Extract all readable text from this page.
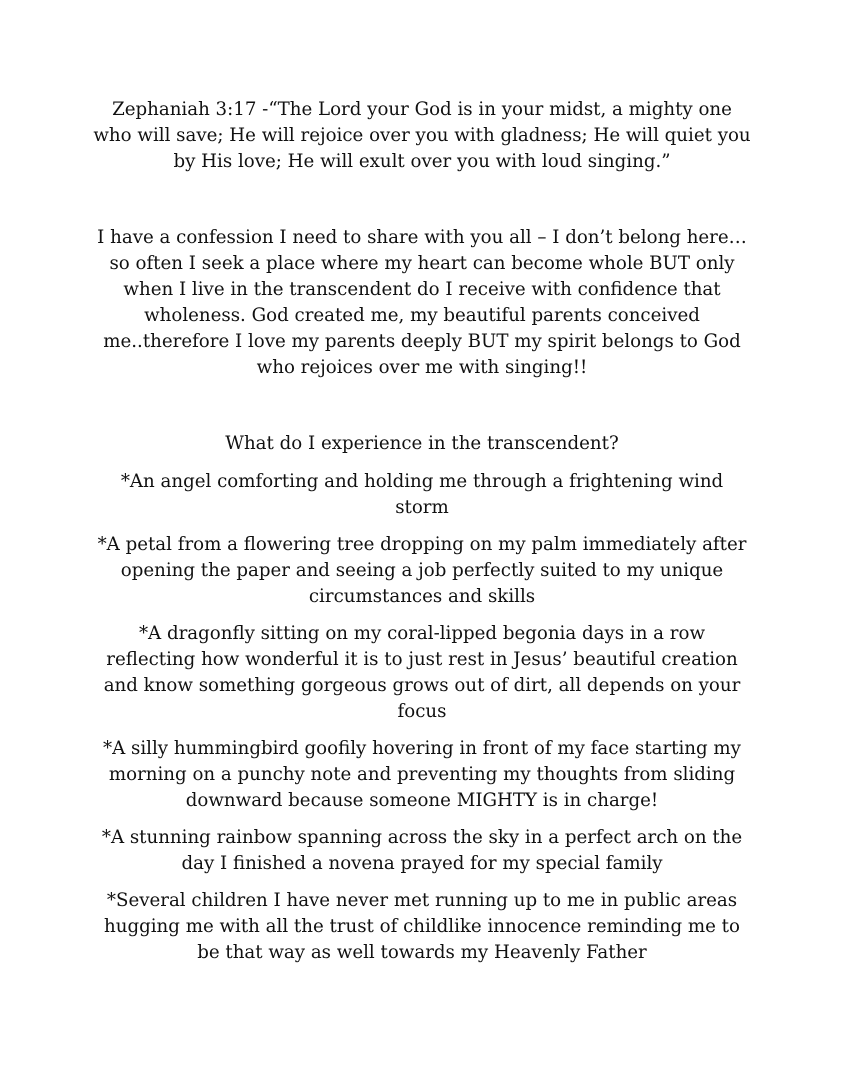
Zephaniah 3:17 -“The Lord your God is in your midst, a mighty one who will save; He will rejoice over you with gladness; He will quiet you by His love; He will exult over you with loud singing.”

I have a confession I need to share with you all – I don’t belong here…so often I seek a place where my heart can become whole BUT only when I live in the transcendent do I receive with confidence that wholeness. God created me, my beautiful parents conceived me..therefore I love my parents deeply BUT my spirit belongs to God who rejoices over me with singing!!

What do I experience in the transcendent?

*An angel comforting and holding me through a frightening wind storm

*A petal from a flowering tree dropping on my palm immediately after opening the paper and seeing a job perfectly suited to my unique circumstances and skills

*A dragonfly sitting on my coral-lipped begonia days in a row reflecting how wonderful it is to just rest in Jesus’ beautiful creation and know something gorgeous grows out of dirt, all depends on your focus

*A silly hummingbird goofily hovering in front of my face starting my morning on a punchy note and preventing my thoughts from sliding downward because someone MIGHTY is in charge!

*A stunning rainbow spanning across the sky in a perfect arch on the day I finished a novena prayed for my special family

*Several children I have never met running up to me in public areas hugging me with all the trust of childlike innocence reminding me to be that way as well towards my Heavenly Father
